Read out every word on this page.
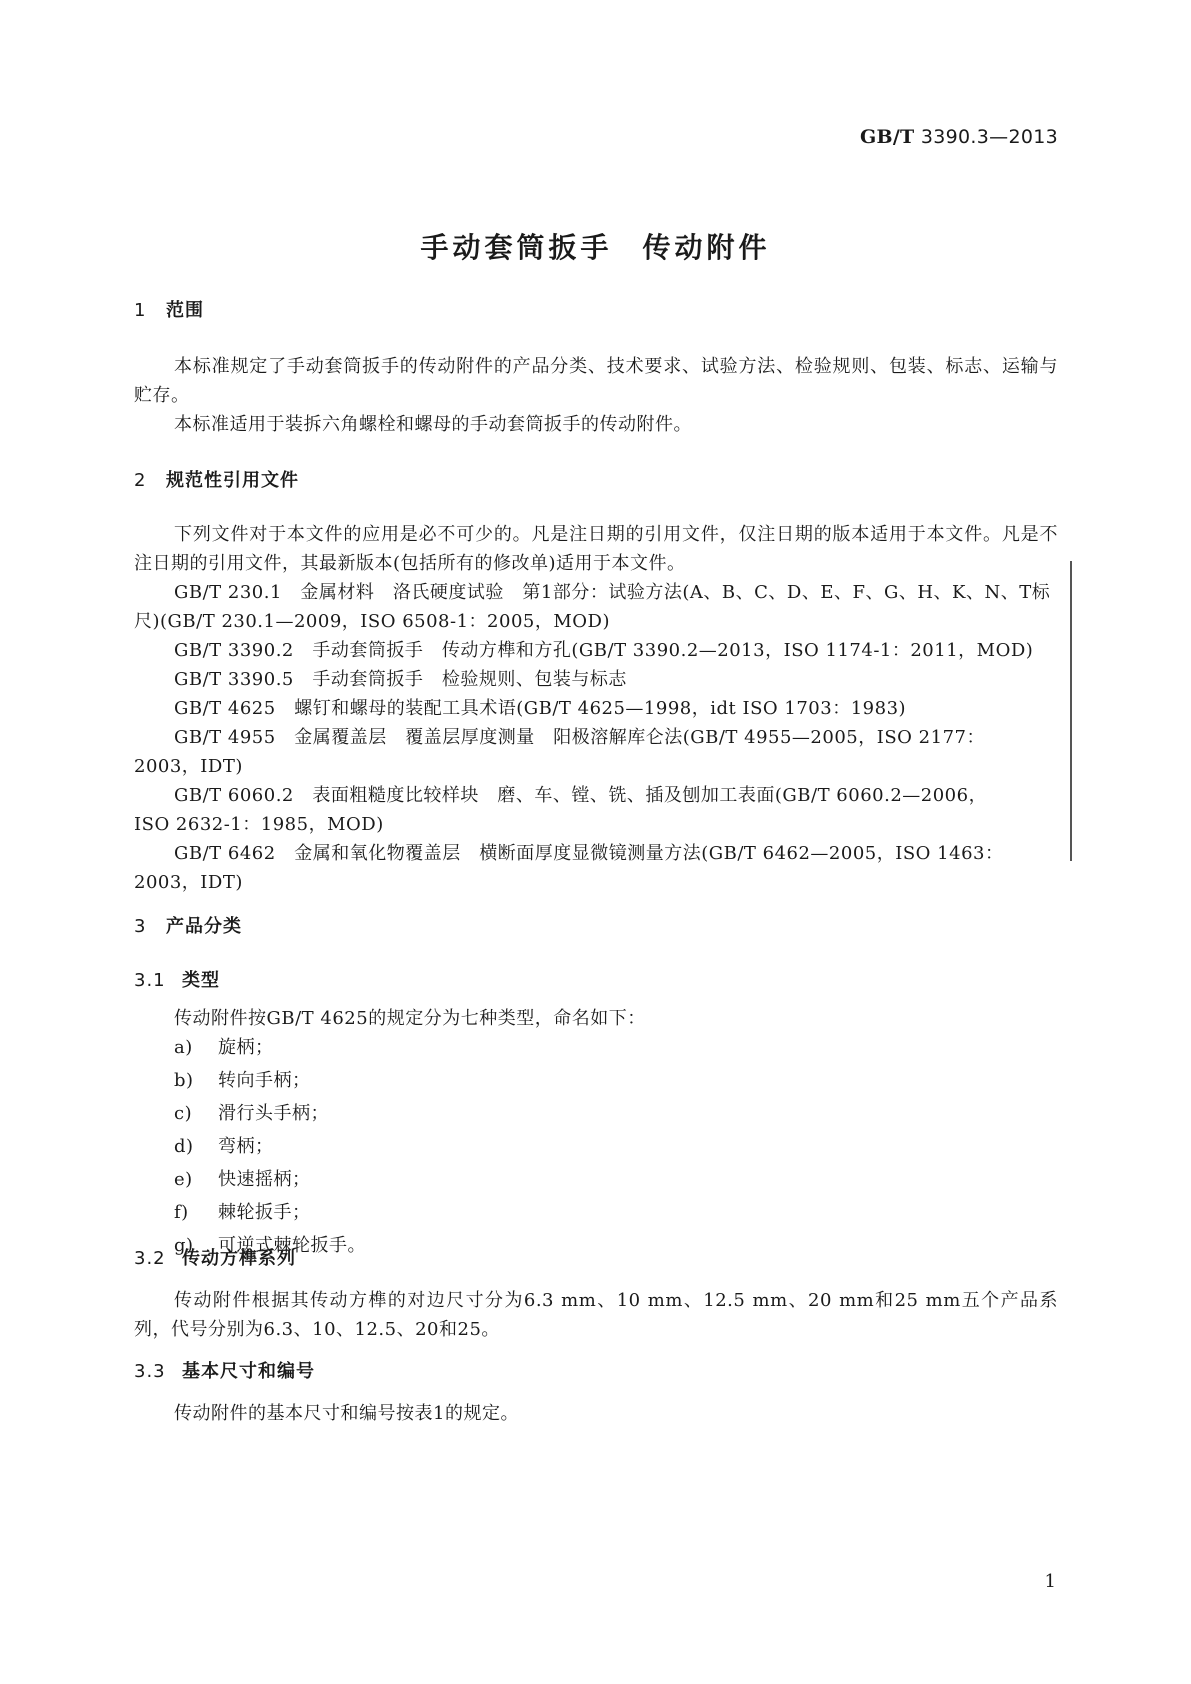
GB/T 3390.3—2013
手动套筒扳手 传动附件
1 范围

本标准规定了手动套筒扳手的传动附件的产品分类、技术要求、试验方法、检验规则、包装、标志、运输与贮存。

本标准适用于装拆六角螺栓和螺母的手动套筒扳手的传动附件。

2 规范性引用文件

下列文件对于本文件的应用是必不可少的。凡是注日期的引用文件，仅注日期的版本适用于本文件。凡是不注日期的引用文件，其最新版本(包括所有的修改单)适用于本文件。

GB/T 230.1　金属材料　洛氏硬度试验　第1部分：试验方法(A、B、C、D、E、F、G、H、K、N、T标
尺)(GB/T 230.1—2009，ISO 6508-1：2005，MOD)
GB/T 3390.2　手动套筒扳手　传动方榫和方孔(GB/T 3390.2—2013，ISO 1174-1：2011，MOD)
GB/T 3390.5　手动套筒扳手　检验规则、包装与标志
GB/T 4625　螺钉和螺母的装配工具术语(GB/T 4625—1998，idt ISO 1703：1983)
GB/T 4955　金属覆盖层　覆盖层厚度测量　阳极溶解库仑法(GB/T 4955—2005，ISO 2177：
2003，IDT)
GB/T 6060.2　表面粗糙度比较样块　磨、车、镗、铣、插及刨加工表面(GB/T 6060.2—2006，
ISO 2632-1：1985，MOD)
GB/T 6462　金属和氧化物覆盖层　横断面厚度显微镜测量方法(GB/T 6462—2005，ISO 1463：
2003，IDT)
3 产品分类
3.1 类型

传动附件按GB/T 4625的规定分为七种类型，命名如下：

a) 旋柄；
b) 转向手柄；
c) 滑行头手柄；
d) 弯柄；
e) 快速摇柄；
f) 棘轮扳手；
g) 可逆式棘轮扳手。
3.2 传动方榫系列

传动附件根据其传动方榫的对边尺寸分为6.3 mm、10 mm、12.5 mm、20 mm和25 mm五个产品系列，代号分别为6.3、10、12.5、20和25。

3.3 基本尺寸和编号

传动附件的基本尺寸和编号按表1的规定。

1
